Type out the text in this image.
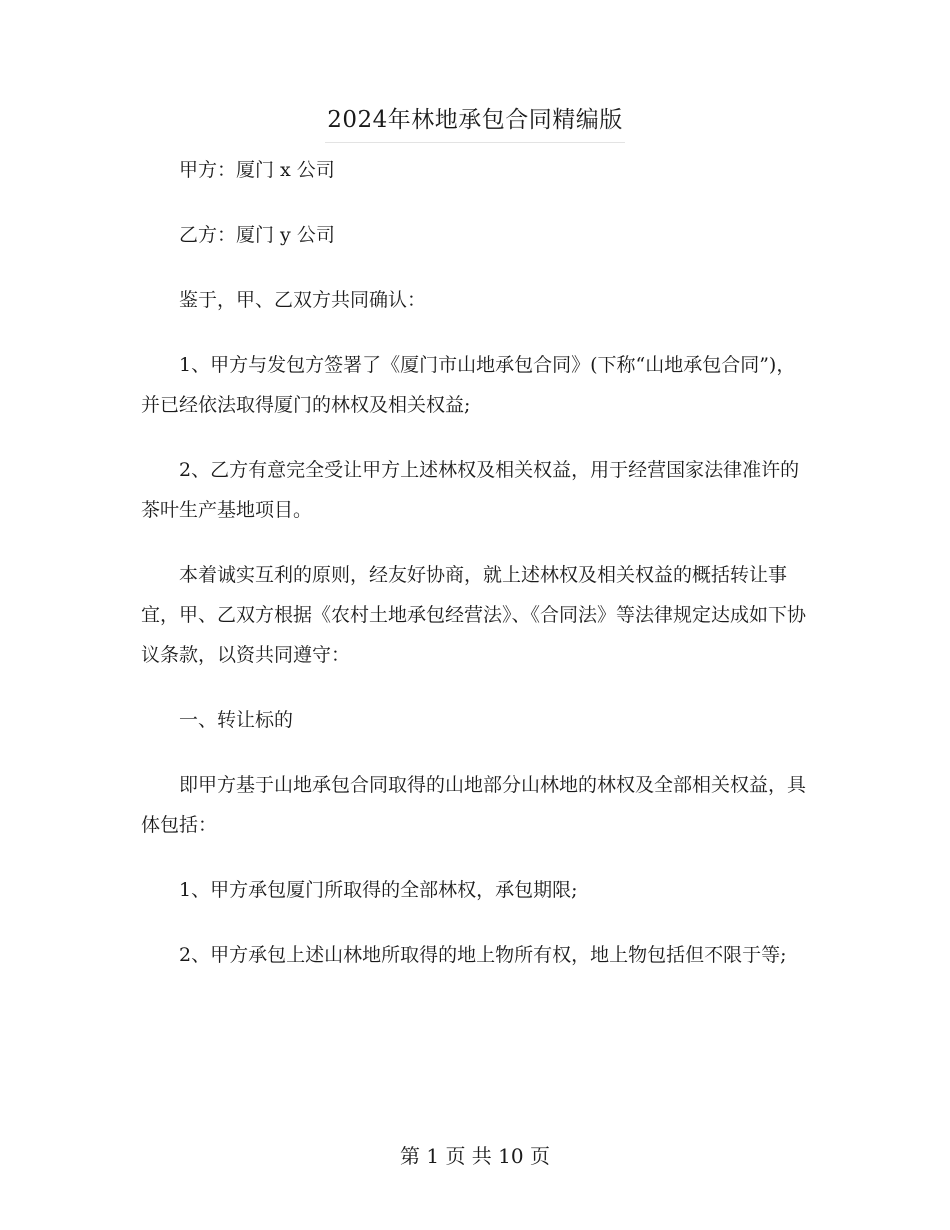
2024年林地承包合同精编版

甲方：厦门 x 公司

乙方：厦门 y 公司

鉴于，甲、乙双方共同确认：

1、甲方与发包方签署了《厦门市山地承包合同》(下称“山地承包合同”)，并已经依法取得厦门的林权及相关权益;

2、乙方有意完全受让甲方上述林权及相关权益，用于经营国家法律准许的茶叶生产基地项目。

本着诚实互利的原则，经友好协商，就上述林权及相关权益的概括转让事宜，甲、乙双方根据《农村土地承包经营法》、《合同法》等法律规定达成如下协议条款，以资共同遵守：

一、转让标的

即甲方基于山地承包合同取得的山地部分山林地的林权及全部相关权益，具体包括：

1、甲方承包厦门所取得的全部林权，承包期限;

2、甲方承包上述山林地所取得的地上物所有权，地上物包括但不限于等;

第 1 页 共 10 页
